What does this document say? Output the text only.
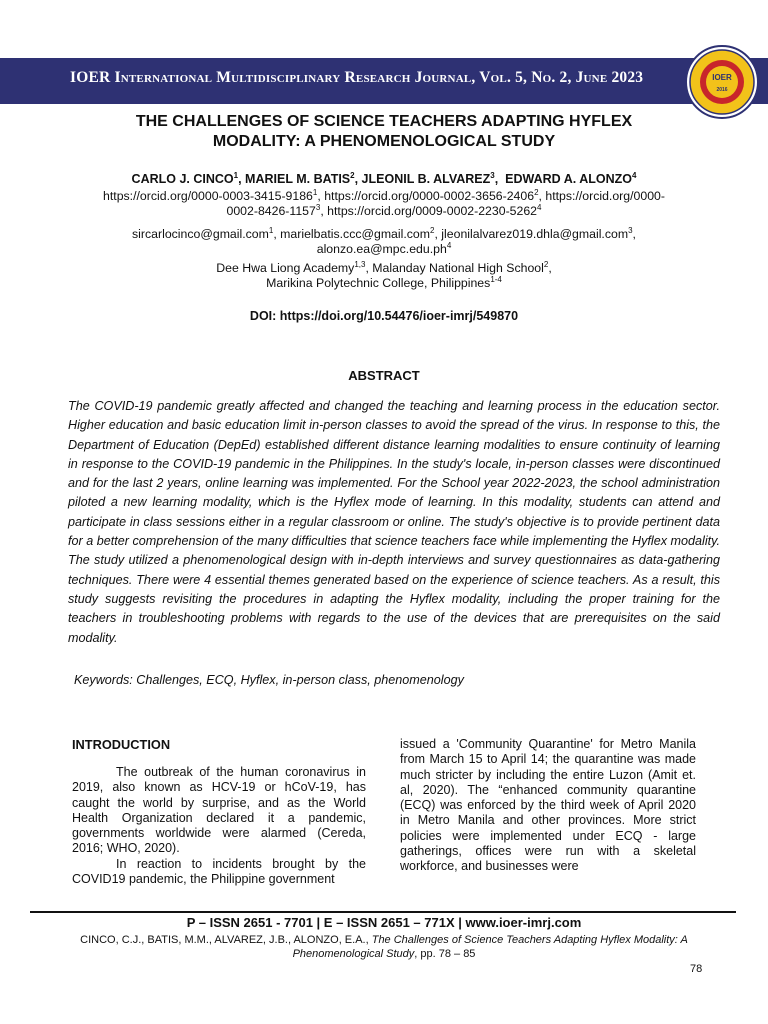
IOER International Multidisciplinary Research Journal, Vol. 5, No. 2, June 2023	IOER
2016
THE CHALLENGES OF SCIENCE TEACHERS ADAPTING HYFLEX
MODALITY: A PHENOMENOLOGICAL STUDY
CARLO J. CINCO$^1$, MARIEL M. BATIS$^2$, JLEONIL B. ALVAREZ$^3$,  EDWARD A. ALONZO$^4$
https://orcid.org/0000-0003-3415-9186$^1$, https://orcid.org/0000-0002-3656-2406$^2$, https://orcid.org/0000-
0002-8426-1157$^3$, https://orcid.org/0009-0002-2230-5262$^4$
sircarlocinco@gmail.com$^1$, marielbatis.ccc@gmail.com$^2$, jleonilalvarez019.dhla@gmail.com$^3$,
$alonzo.ea@mpc.edu.ph^4$
Dee Hwa Liong Academy$^{1,3}$, Malanday National High School$^2$,
Marikina Polytechnic College, Philippines$^{1-4}$
DOI: https://doi.org/10.54476/ioer-imrj/549870
ABSTRACT

The COVID-19 pandemic greatly affected and changed the teaching and learning process in the education sector. Higher education and basic education limit in-person classes to avoid the spread of the virus. In response to this, the Department of Education (DepEd) established different distance learning modalities to ensure continuity of learning in response to the COVID-19 pandemic in the Philippines. In the study's locale, in-person classes were discontinued and for the last 2 years, online learning was implemented. For the School year 2022-2023, the school administration piloted a new learning modality, which is the Hyflex mode of learning. In this modality, students can attend and participate in class sessions either in a regular classroom or online. The study's objective is to provide pertinent data for a better comprehension of the many difficulties that science teachers face while implementing the Hyflex modality. The study utilized a phenomenological design with in-depth interviews and survey questionnaires as data-gathering techniques. There were 4 essential themes generated based on the experience of science teachers. As a result, this study suggests revisiting the procedures in adapting the Hyflex modality, including the proper training for the teachers in troubleshooting problems with regards to the use of the devices that are prerequisites on the said modality.

Keywords: Challenges, ECQ, Hyflex, in-person class, phenomenology

INTRODUCTION

The outbreak of the human coronavirus in 2019, also known as HCV-19 or hCoV-19, has caught the world by surprise, and as the World Health Organization declared it a pandemic, governments worldwide were alarmed (Cereda, 2016; WHO, 2020).

In reaction to incidents brought by the COVID19 pandemic, the Philippine government

issued a 'Community Quarantine' for Metro Manila from March 15 to April 14; the quarantine was made much stricter by including the entire Luzon (Amit et. al, 2020). The “enhanced community quarantine (ECQ) was enforced by the third week of April 2020 in Metro Manila and other provinces. More strict policies were implemented under ECQ - large gatherings, offices were run with a skeletal workforce, and businesses were

P – ISSN 2651 - 7701 | E – ISSN 2651 – 771X | www.ioer-imrj.com
CINCO, C.J., BATIS, M.M., ALVAREZ, J.B., ALONZO, E.A., The Challenges of Science Teachers Adapting Hyflex Modality: A Phenomenological Study, pp. 78 – 85
78
